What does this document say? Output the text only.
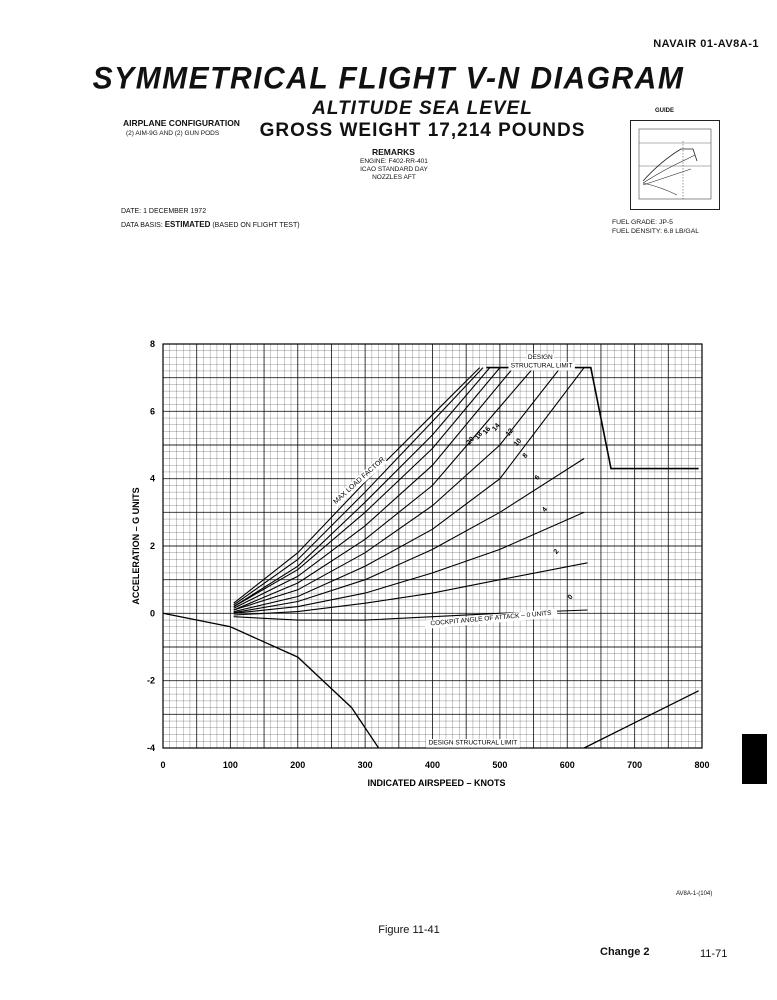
NAVAIR 01-AV8A-1
SYMMETRICAL FLIGHT V-N DIAGRAM
ALTITUDE SEA LEVEL
GROSS WEIGHT 17,214 POUNDS
AIRPLANE CONFIGURATION
(2) AIM-9G AND (2) GUN PODS
REMARKS
ENGINE: F402-RR-401
ICAO STANDARD DAY
NOZZLES AFT
GUIDE
DATE: 1 DECEMBER 1972
DATA BASIS: ESTIMATED (BASED ON FLIGHT TEST)	FUEL GRADE: JP-5
FUEL DENSITY: 6.8 LB/GAL
20
18
16 14 12
10
8
6
4
2
0
0	100	200	300	400	500	600	700	800
-4
-2
0
2
4
6
8
INDICATED AIRSPEED – KNOTS
ACCELERATION – G UNITS
DESIGN
STRUCTURAL LIMIT
DESIGN STRUCTURAL LIMIT
MAX LOAD FACTOR
COCKPIT ANGLE OF ATTACK – 0 UNITS
AV8A-1-(104)
Figure 11-41
Change 2	11-71
